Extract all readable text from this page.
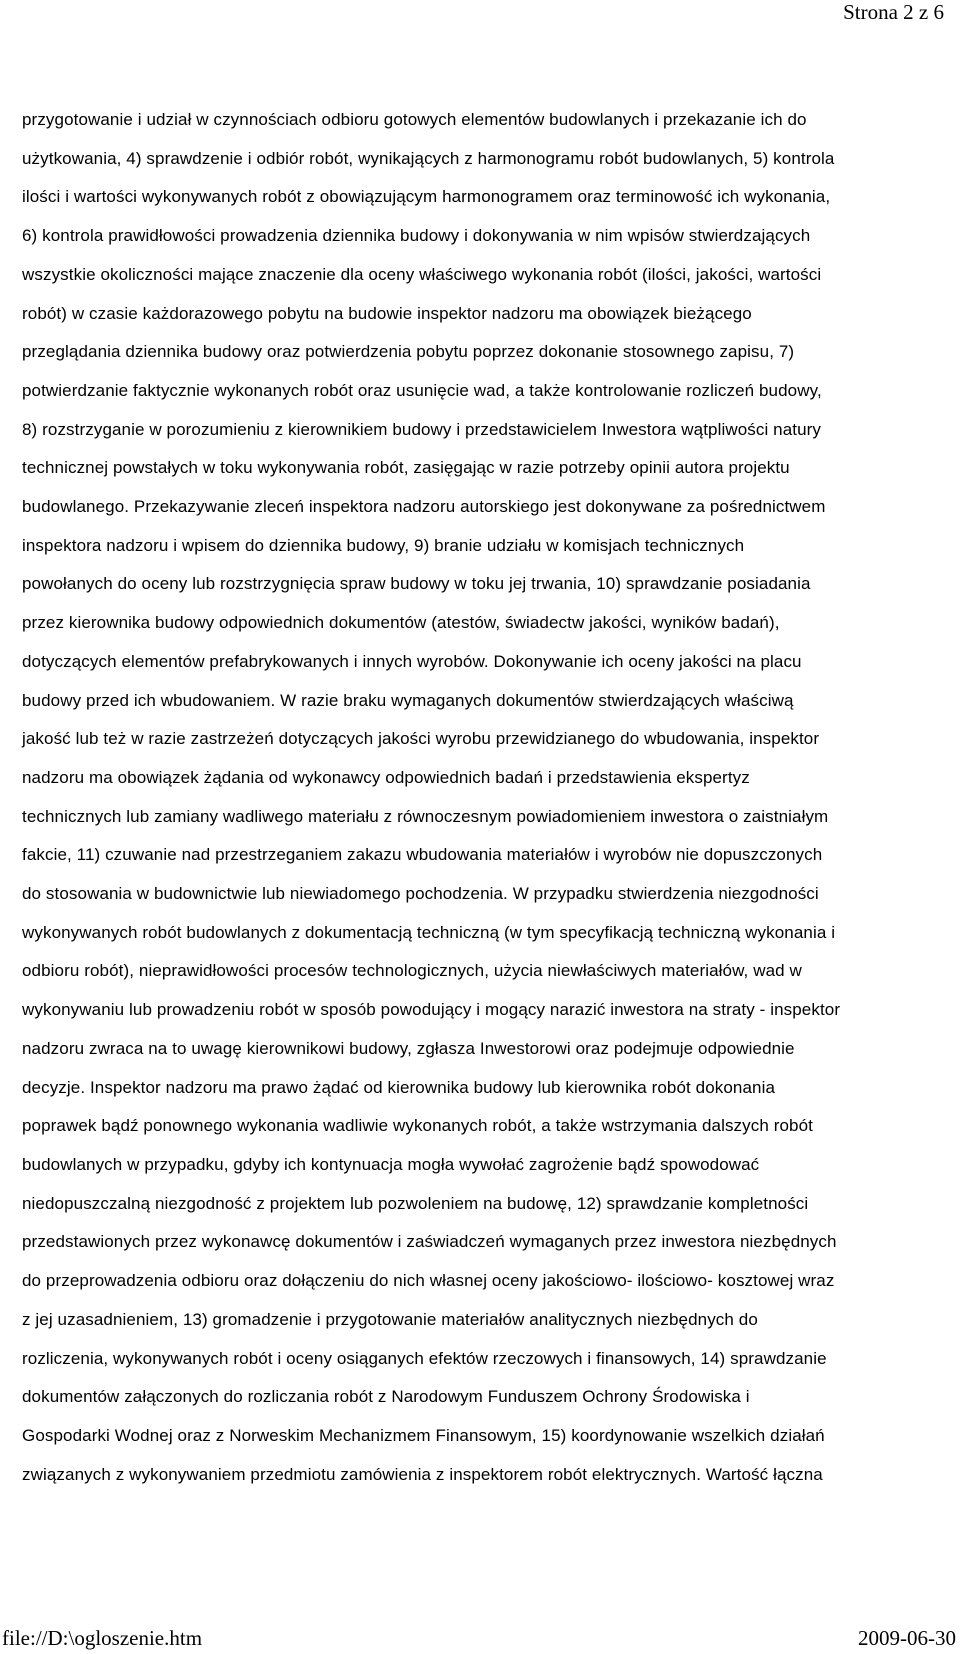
Strona 2 z 6

przygotowanie i udział w czynnościach odbioru gotowych elementów budowlanych i przekazanie ich do
użytkowania, 4) sprawdzenie i odbiór robót, wynikających z harmonogramu robót budowlanych, 5) kontrola
ilości i wartości wykonywanych robót z obowiązującym harmonogramem oraz terminowość ich wykonania,
6) kontrola prawidłowości prowadzenia dziennika budowy i dokonywania w nim wpisów stwierdzających
wszystkie okoliczności mające znaczenie dla oceny właściwego wykonania robót (ilości, jakości, wartości
robót) w czasie każdorazowego pobytu na budowie inspektor nadzoru ma obowiązek bieżącego
przeglądania dziennika budowy oraz potwierdzenia pobytu poprzez dokonanie stosownego zapisu, 7)
potwierdzanie faktycznie wykonanych robót oraz usunięcie wad, a także kontrolowanie rozliczeń budowy,
8) rozstrzyganie w porozumieniu z kierownikiem budowy i przedstawicielem Inwestora wątpliwości natury
technicznej powstałych w toku wykonywania robót, zasięgając w razie potrzeby opinii autora projektu
budowlanego. Przekazywanie zleceń inspektora nadzoru autorskiego jest dokonywane za pośrednictwem
inspektora nadzoru i wpisem do dziennika budowy, 9) branie udziału w komisjach technicznych
powołanych do oceny lub rozstrzygnięcia spraw budowy w toku jej trwania, 10) sprawdzanie posiadania
przez kierownika budowy odpowiednich dokumentów (atestów, świadectw jakości, wyników badań),
dotyczących elementów prefabrykowanych i innych wyrobów. Dokonywanie ich oceny jakości na placu
budowy przed ich wbudowaniem. W razie braku wymaganych dokumentów stwierdzających właściwą
jakość lub też w razie zastrzeżeń dotyczących jakości wyrobu przewidzianego do wbudowania, inspektor
nadzoru ma obowiązek żądania od wykonawcy odpowiednich badań i przedstawienia ekspertyz
technicznych lub zamiany wadliwego materiału z równoczesnym powiadomieniem inwestora o zaistniałym
fakcie, 11) czuwanie nad przestrzeganiem zakazu wbudowania materiałów i wyrobów nie dopuszczonych
do stosowania w budownictwie lub niewiadomego pochodzenia. W przypadku stwierdzenia niezgodności
wykonywanych robót budowlanych z dokumentacją techniczną (w tym specyfikacją techniczną wykonania i
odbioru robót), nieprawidłowości procesów technologicznych, użycia niewłaściwych materiałów, wad w
wykonywaniu lub prowadzeniu robót w sposób powodujący i mogący narazić inwestora na straty - inspektor
nadzoru zwraca na to uwagę kierownikowi budowy, zgłasza Inwestorowi oraz podejmuje odpowiednie
decyzje. Inspektor nadzoru ma prawo żądać od kierownika budowy lub kierownika robót dokonania
poprawek bądź ponownego wykonania wadliwie wykonanych robót, a także wstrzymania dalszych robót
budowlanych w przypadku, gdyby ich kontynuacja mogła wywołać zagrożenie bądź spowodować
niedopuszczalną niezgodność z projektem lub pozwoleniem na budowę, 12) sprawdzanie kompletności
przedstawionych przez wykonawcę dokumentów i zaświadczeń wymaganych przez inwestora niezbędnych
do przeprowadzenia odbioru oraz dołączeniu do nich własnej oceny jakościowo- ilościowo- kosztowej wraz
z jej uzasadnieniem, 13) gromadzenie i przygotowanie materiałów analitycznych niezbędnych do
rozliczenia, wykonywanych robót i oceny osiąganych efektów rzeczowych i finansowych, 14) sprawdzanie
dokumentów załączonych do rozliczania robót z Narodowym Funduszem Ochrony Środowiska i
Gospodarki Wodnej oraz z Norweskim Mechanizmem Finansowym, 15) koordynowanie wszelkich działań
związanych z wykonywaniem przedmiotu zamówienia z inspektorem robót elektrycznych. Wartość łączna

file://D:\ogloszenie.htm	2009-06-30
